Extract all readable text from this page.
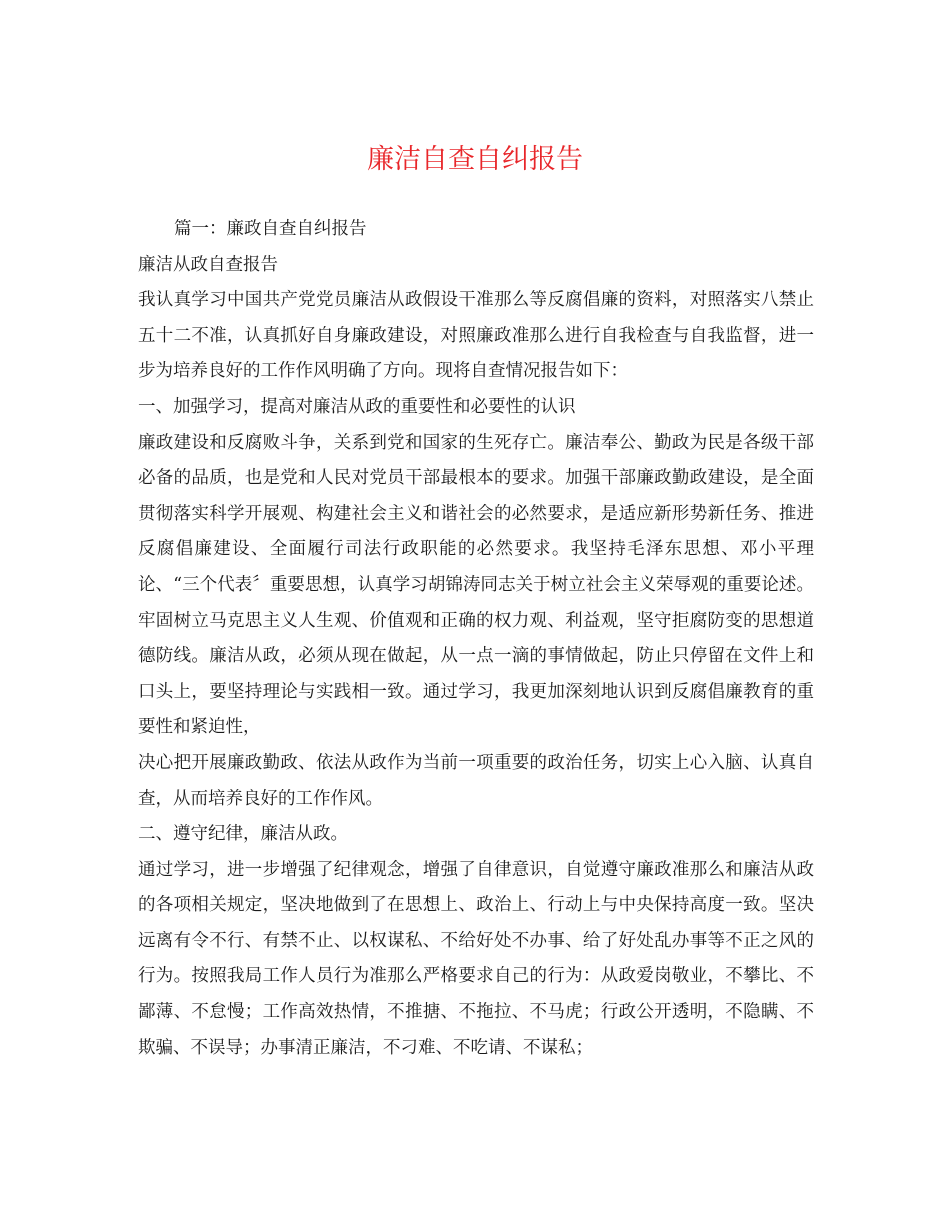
廉洁自查自纠报告

篇一：廉政自查自纠报告

廉洁从政自查报告

我认真学习中国共产党党员廉洁从政假设干准那么等反腐倡廉的资料，对照落实八禁止五十二不准，认真抓好自身廉政建设，对照廉政准那么进行自我检查与自我监督，进一步为培养良好的工作作风明确了方向。现将自查情况报告如下：

一、加强学习，提高对廉洁从政的重要性和必要性的认识

廉政建设和反腐败斗争，关系到党和国家的生死存亡。廉洁奉公、勤政为民是各级干部必备的品质，也是党和人民对党员干部最根本的要求。加强干部廉政勤政建设，是全面贯彻落实科学开展观、构建社会主义和谐社会的必然要求，是适应新形势新任务、推进反腐倡廉建设、全面履行司法行政职能的必然要求。我坚持毛泽东思想、邓小平理论、“三个代表〞重要思想，认真学习胡锦涛同志关于树立社会主义荣辱观的重要论述。牢固树立马克思主义人生观、价值观和正确的权力观、利益观，坚守拒腐防变的思想道德防线。廉洁从政，必须从现在做起，从一点一滴的事情做起，防止只停留在文件上和口头上，要坚持理论与实践相一致。通过学习，我更加深刻地认识到反腐倡廉教育的重要性和紧迫性，

决心把开展廉政勤政、依法从政作为当前一项重要的政治任务，切实上心入脑、认真自查，从而培养良好的工作作风。

二、遵守纪律，廉洁从政。

通过学习，进一步增强了纪律观念，增强了自律意识，自觉遵守廉政准那么和廉洁从政的各项相关规定，坚决地做到了在思想上、政治上、行动上与中央保持高度一致。坚决远离有令不行、有禁不止、以权谋私、不给好处不办事、给了好处乱办事等不正之风的行为。按照我局工作人员行为准那么严格要求自己的行为：从政爱岗敬业，不攀比、不鄙薄、不怠慢；工作高效热情，不推搪、不拖拉、不马虎；行政公开透明，不隐瞒、不欺骗、不误导；办事清正廉洁，不刁难、不吃请、不谋私；
